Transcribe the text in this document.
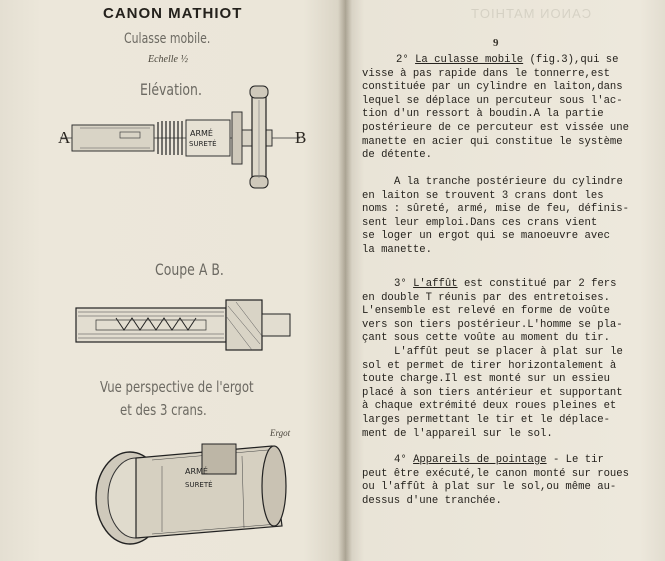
CANON MATHIOT
Culasse mobile.
Echelle ½
Elévation.
A	B
ARMÉ
SURETÉ
Coupe A B.
Vue perspective de l'ergot
et des 3 crans.
Ergot
ARMÉ
SURETÉ
CANON MATHIOT
9
2° La culasse mobile (fig.3),qui se
visse à pas rapide dans le tonnerre,est
constituée par un cylindre en laiton,dans
lequel se déplace un percuteur sous l'ac-
tion d'un ressort à boudin.A la partie
postérieure de ce percuteur est vissée une
manette en acier qui constitue le système
de détente.
A la tranche postérieure du cylindre
en laiton se trouvent 3 crans dont les
noms : sûreté, armé, mise de feu, définis-
sent leur emploi.Dans ces crans vient
se loger un ergot qui se manoeuvre avec
la manette.
3° L'affût est constitué par 2 fers
en double T réunis par des entretoises.
L'ensemble est relevé en forme de voûte
vers son tiers postérieur.L'homme se pla-
çant sous cette voûte au moment du tir.
L'affût peut se placer à plat sur le
sol et permet de tirer horizontalement à
toute charge.Il est monté sur un essieu
placé à son tiers antérieur et supportant
à chaque extrémité deux roues pleines et
larges permettant le tir et le déplace-
ment de l'appareil sur le sol.
4° Appareils de pointage - Le tir
peut être exécuté,le canon monté sur roues
ou l'affût à plat sur le sol,ou même au-
dessus d'une tranchée.
